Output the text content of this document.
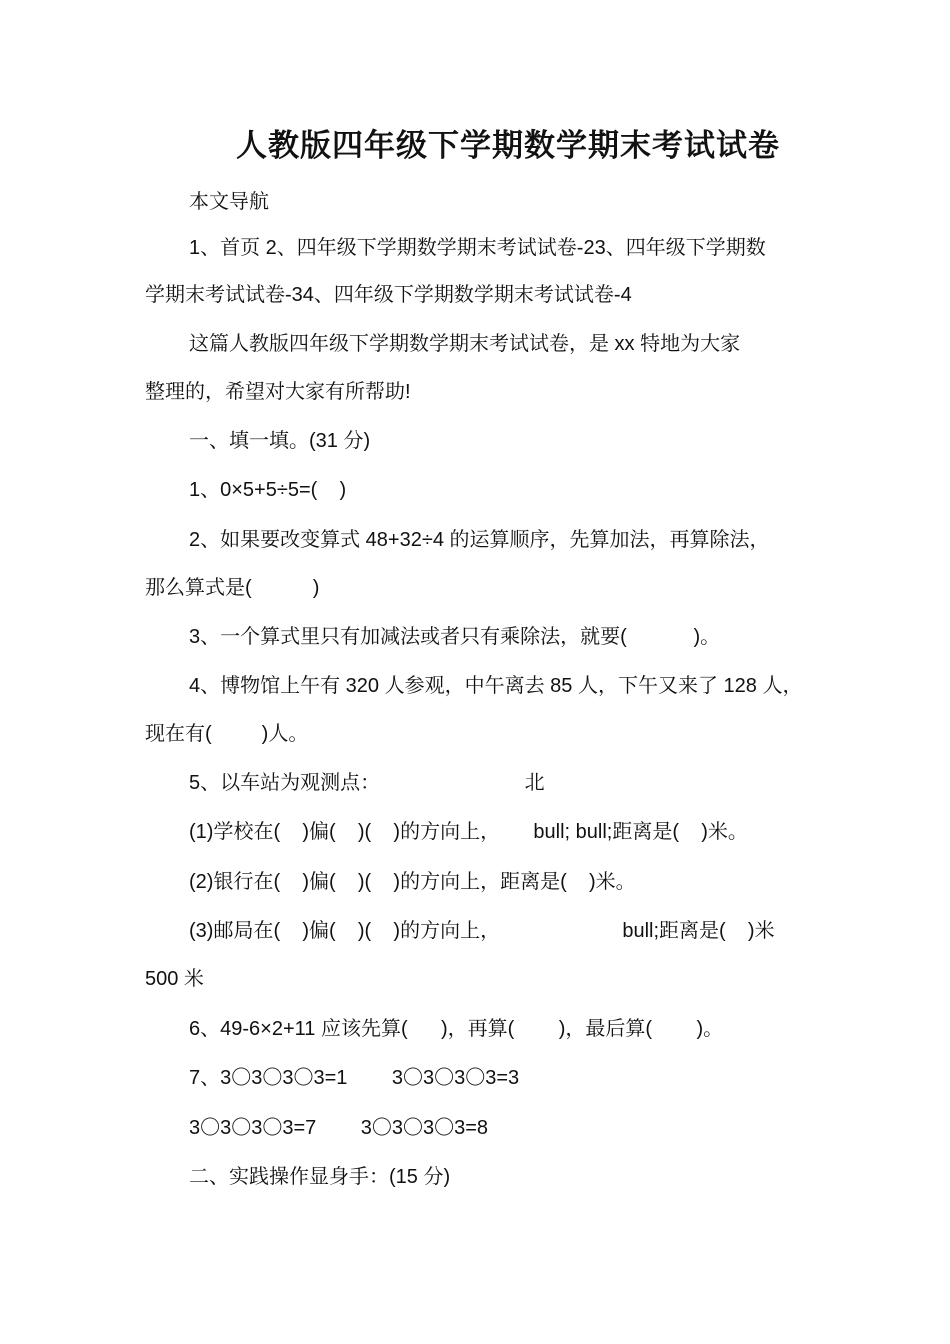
人教版四年级下学期数学期末考试试卷
本文导航
1、首页 2、四年级下学期数学期末考试试卷-23、四年级下学期数
学期末考试试卷-34、四年级下学期数学期末考试试卷-4
这篇人教版四年级下学期数学期末考试试卷，是 xx 特地为大家
整理的，希望对大家有所帮助!
一、填一填。(31 分)
1、0×5+5÷5=(    )
2、如果要改变算式 48+32÷4 的运算顺序，先算加法，再算除法，
那么算式是(           )
3、一个算式里只有加减法或者只有乘除法，就要(            )。
4、博物馆上午有 320 人参观，中午离去 85 人，下午又来了 128 人，
现在有(         )人。
5、以车站为观测点：                          北
(1)学校在(    )偏(    )(    )的方向上，      bull; bull;距离是(    )米。
(2)银行在(    )偏(    )(    )的方向上，距离是(    )米。
(3)邮局在(    )偏(    )(    )的方向上，                      bull;距离是(    )米
500 米
6、49-6×2+11 应该先算(      )，再算(        )，最后算(        )。
7、3〇3〇3〇3=1        3〇3〇3〇3=3
3〇3〇3〇3=7        3〇3〇3〇3=8
二、实践操作显身手：(15 分)
